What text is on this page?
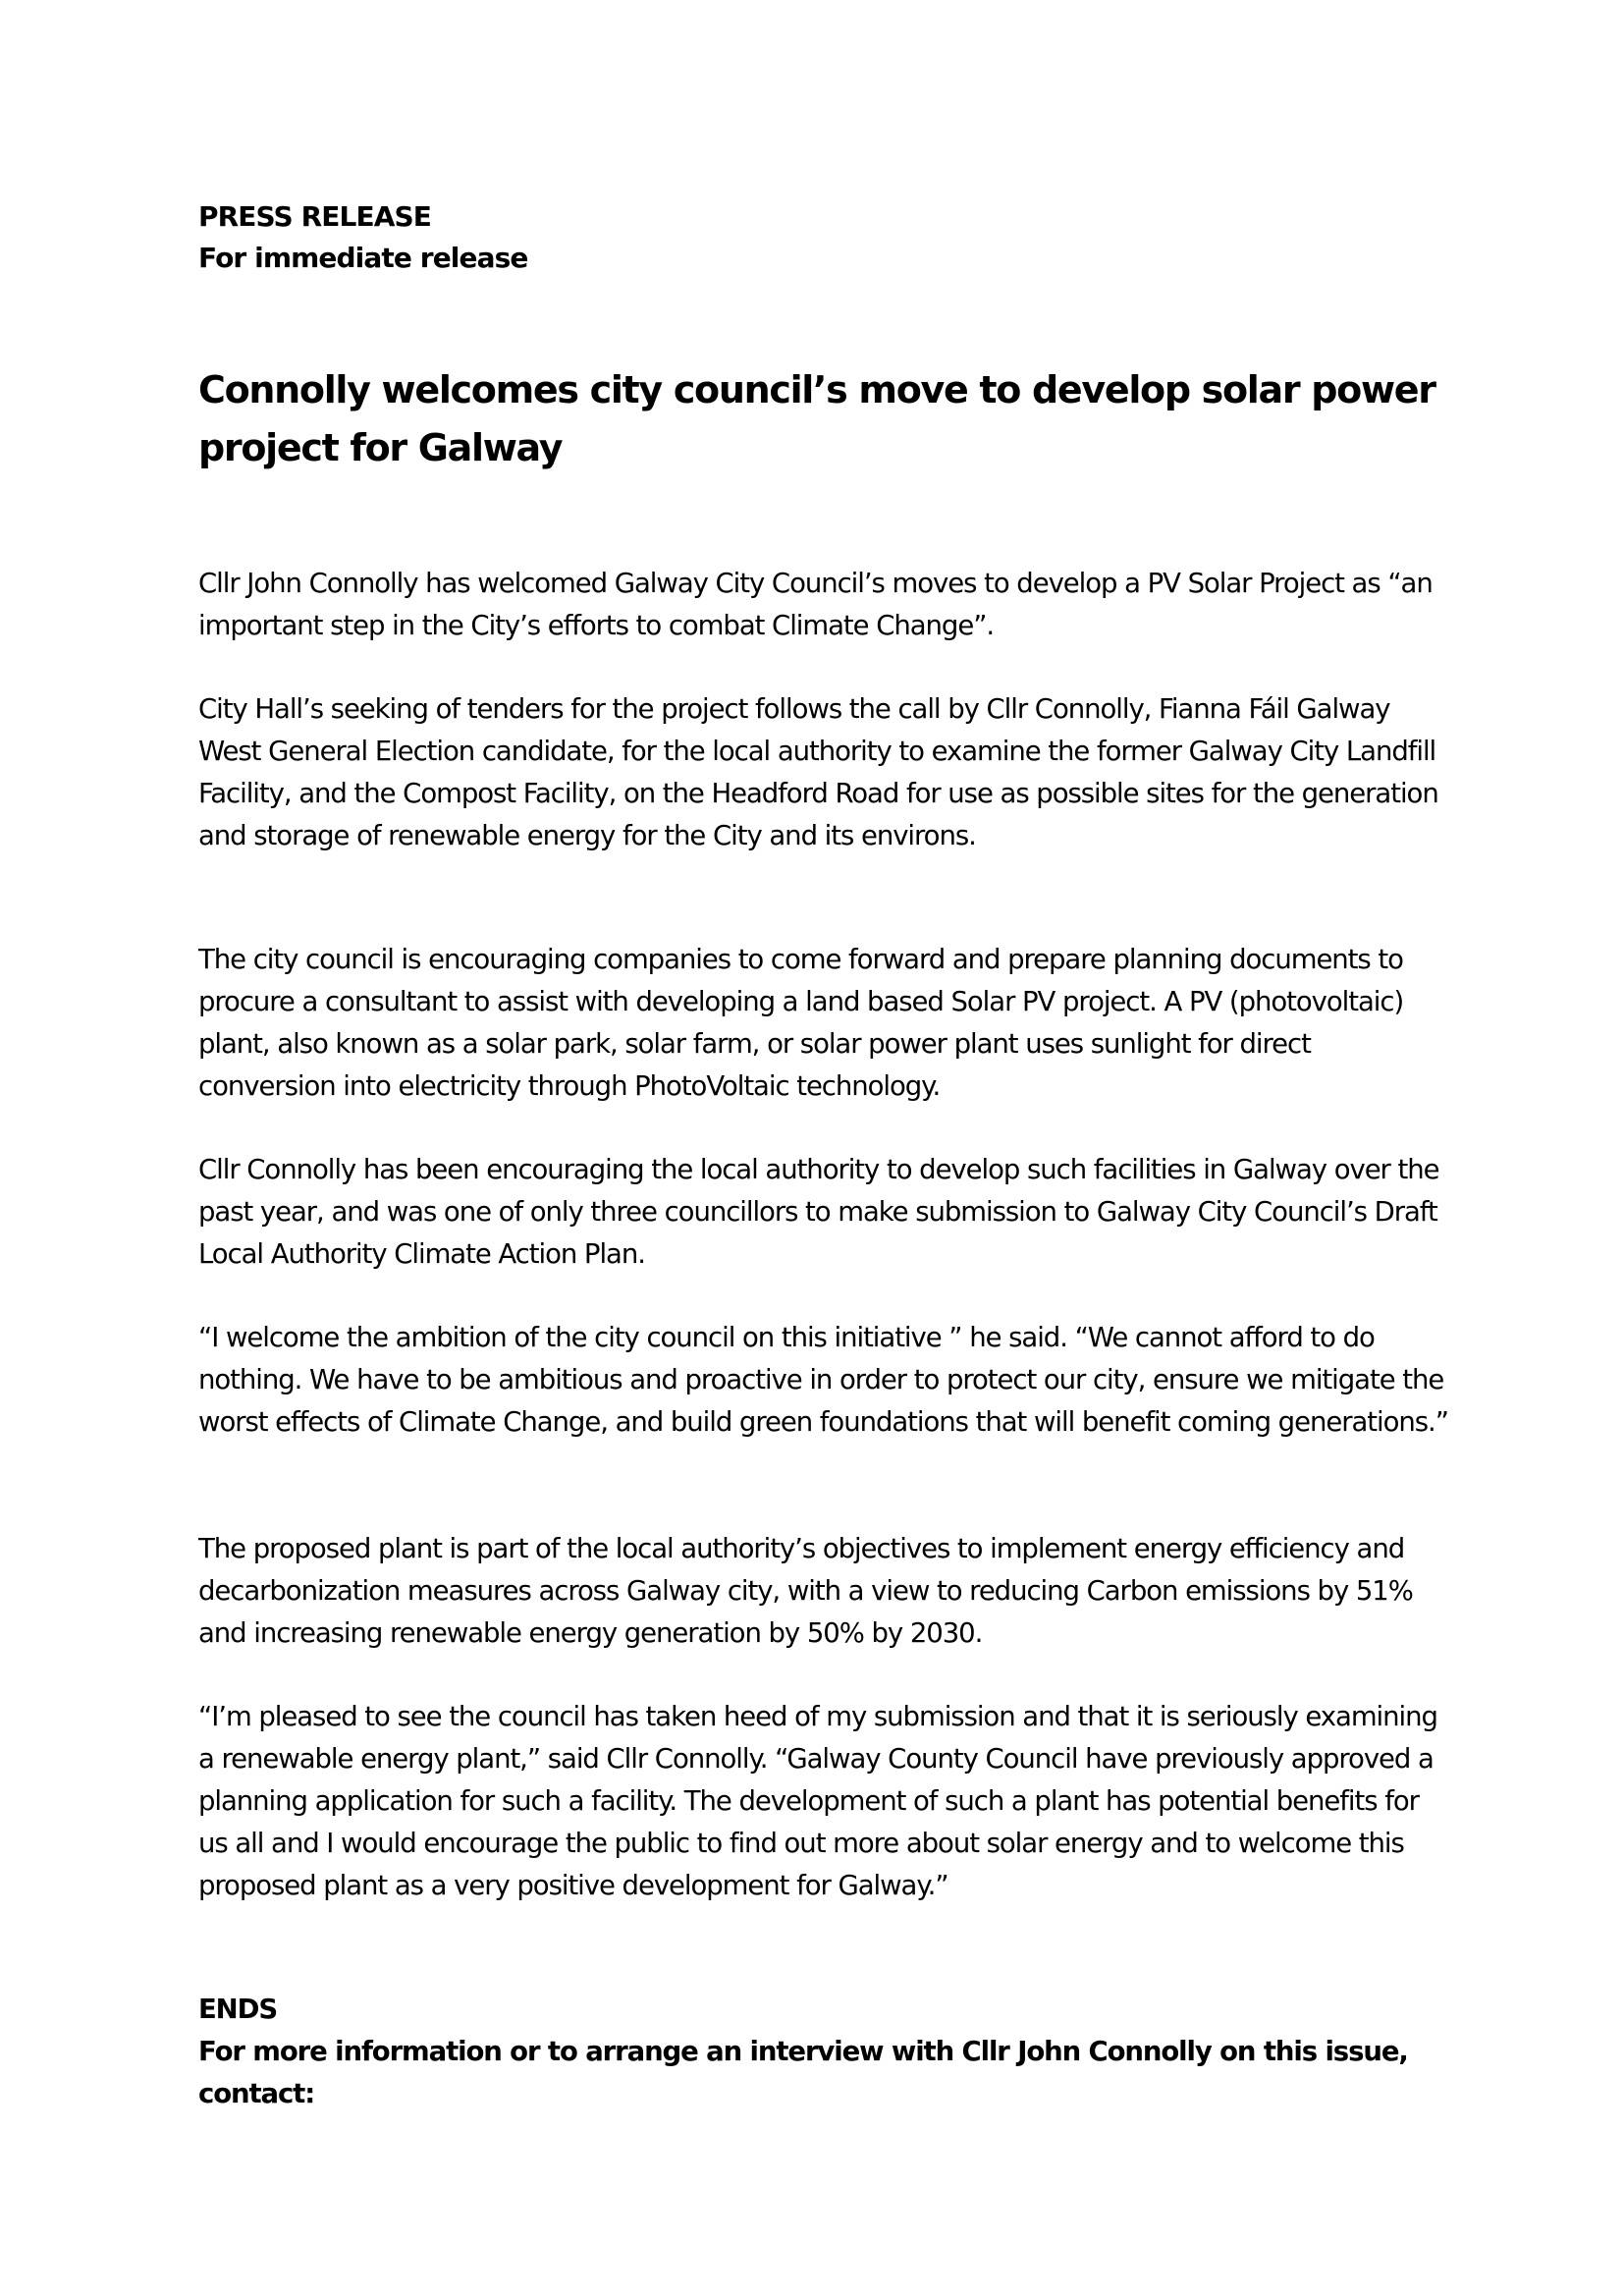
PRESS RELEASE
For immediate release
Connolly welcomes city council’s move to develop solar power project for Galway

Cllr John Connolly has welcomed Galway City Council’s moves to develop a PV Solar Project as “an important step in the City’s efforts to combat Climate Change”.

City Hall’s seeking of tenders for the project follows the call by Cllr Connolly, Fianna Fáil Galway West General Election candidate, for the local authority to examine the former Galway City Landfill Facility, and the Compost Facility, on the Headford Road for use as possible sites for the generation and storage of renewable energy for the City and its environs.

The city council is encouraging companies to come forward and prepare planning documents to procure a consultant to assist with developing a land based Solar PV project. A PV (photovoltaic) plant, also known as a solar park, solar farm, or solar power plant uses sunlight for direct conversion into electricity through PhotoVoltaic technology.

Cllr Connolly has been encouraging the local authority to develop such facilities in Galway over the past year, and was one of only three councillors to make submission to Galway City Council’s Draft Local Authority Climate Action Plan.

“I welcome the ambition of the city council on this initiative ” he said. “We cannot afford to do nothing. We have to be ambitious and proactive in order to protect our city, ensure we mitigate the worst effects of Climate Change, and build green foundations that will benefit coming generations.”

The proposed plant is part of the local authority’s objectives to implement energy efficiency and decarbonization measures across Galway city, with a view to reducing Carbon emissions by 51% and increasing renewable energy generation by 50% by 2030.

“I’m pleased to see the council has taken heed of my submission and that it is seriously examining a renewable energy plant,” said Cllr Connolly. “Galway County Council have previously approved a planning application for such a facility. The development of such a plant has potential benefits for us all and I would encourage the public to find out more about solar energy and to welcome this proposed plant as a very positive development for Galway.”

ENDS
For more information or to arrange an interview with Cllr John Connolly on this issue, contact:
